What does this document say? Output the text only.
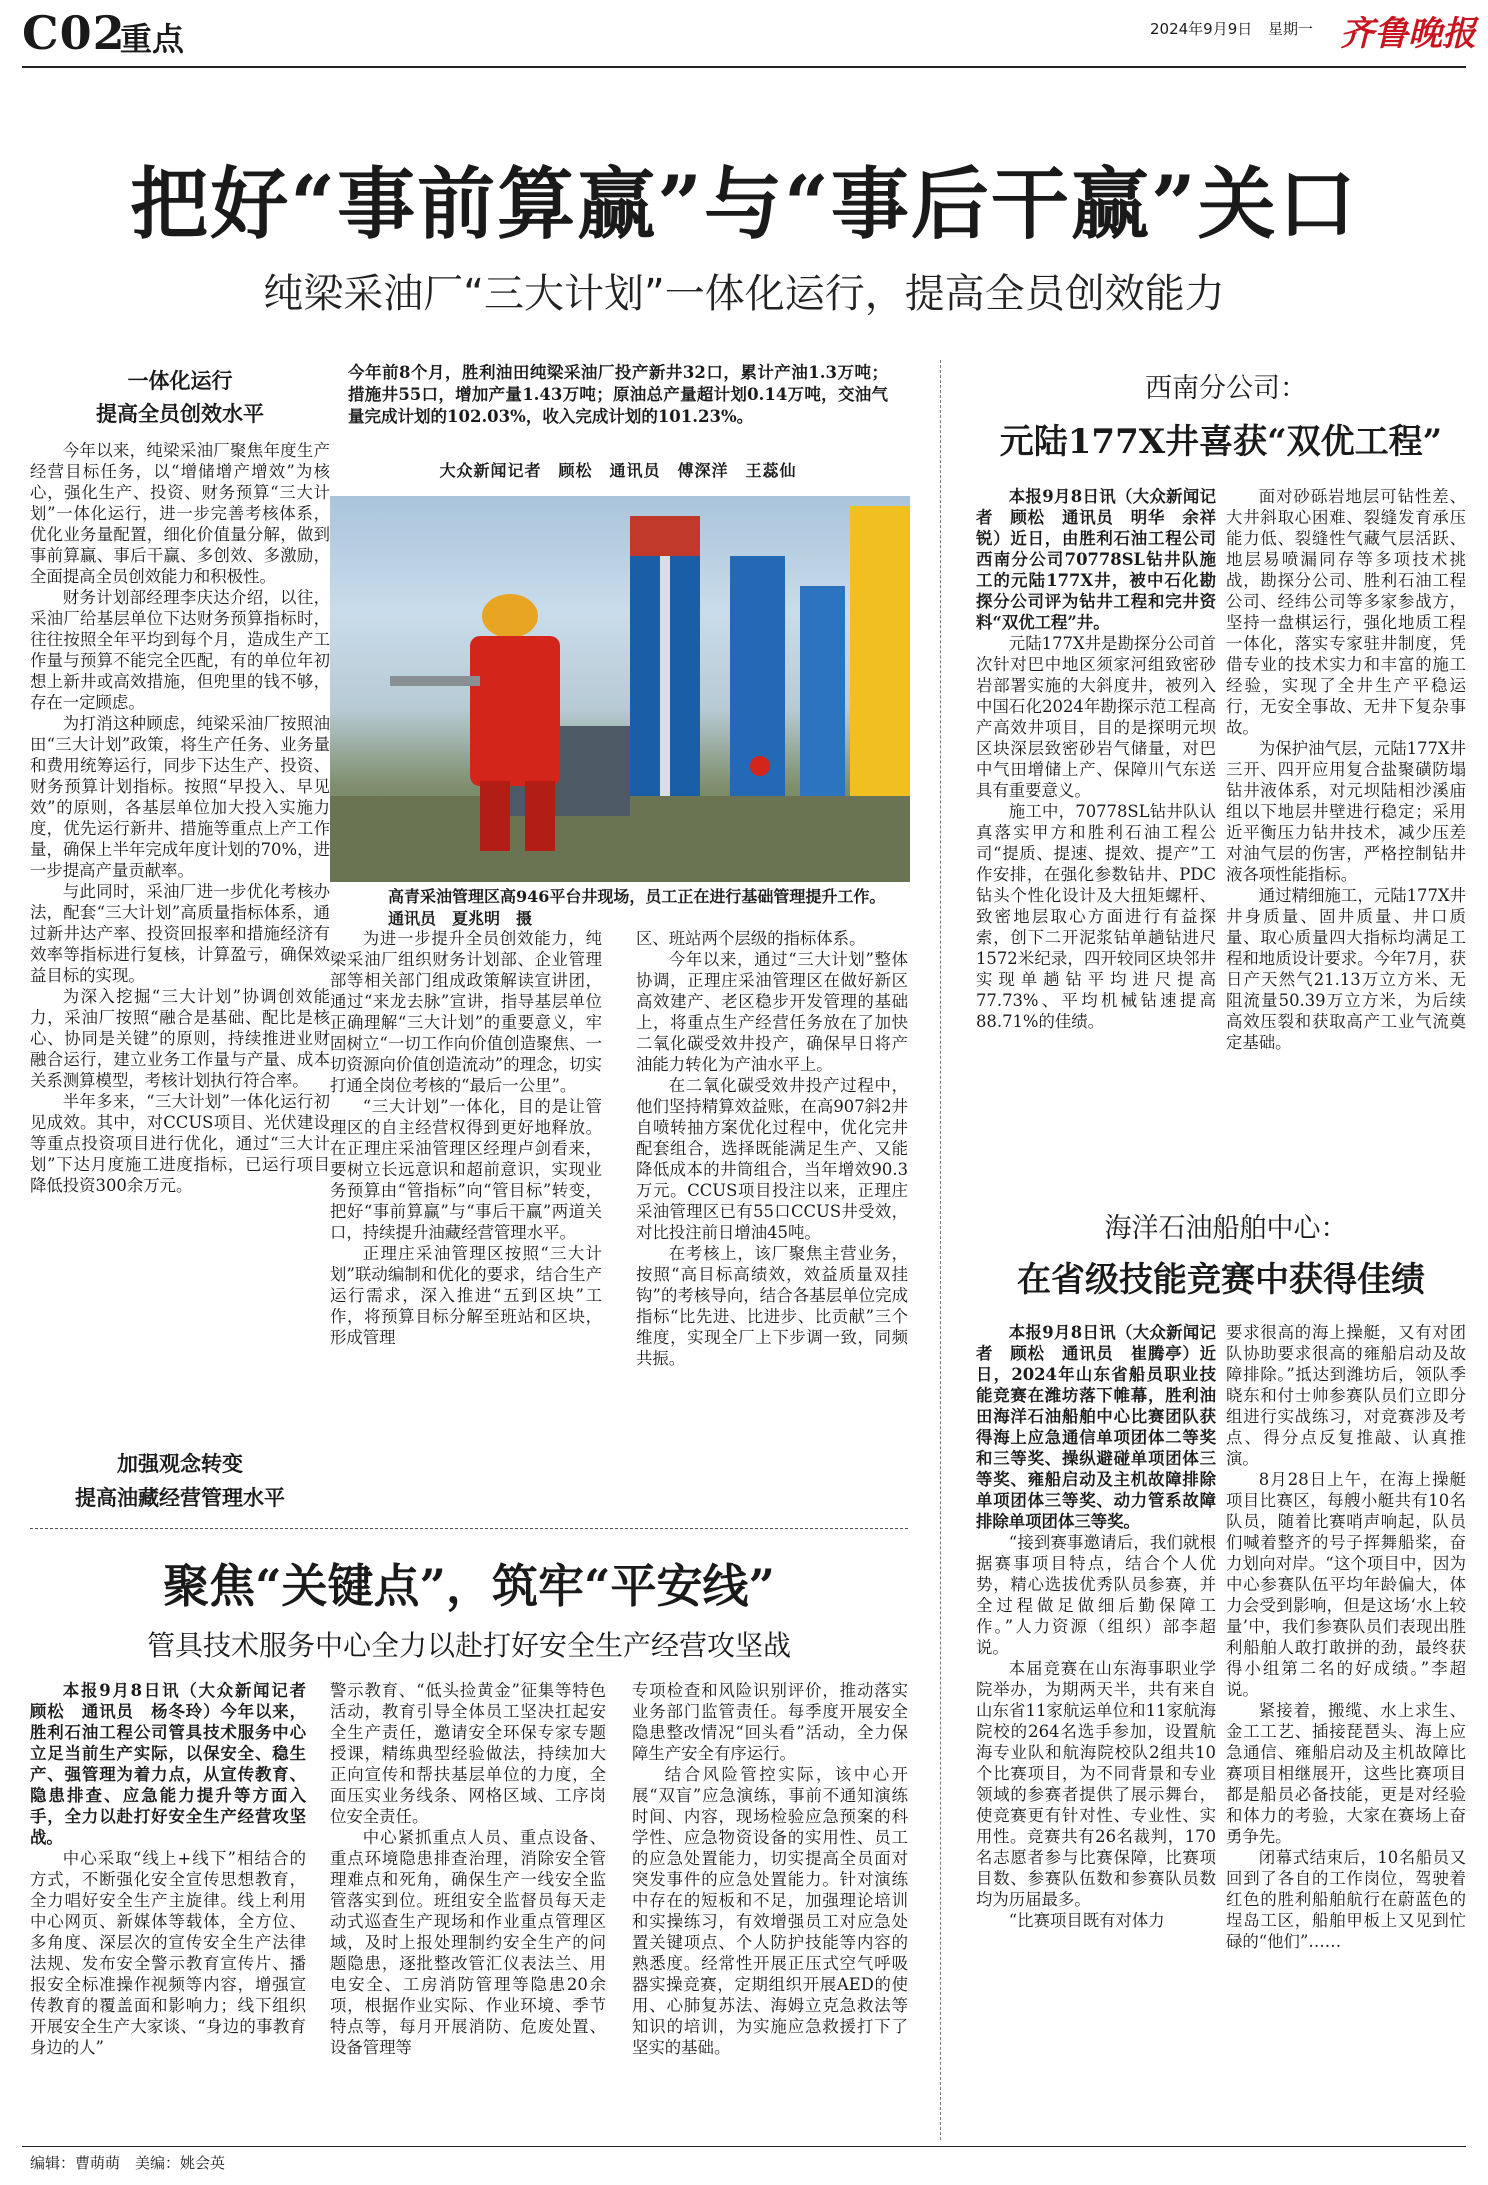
C02
重点	2024年9月9日 星期一 齐鲁晚报
把好“事前算赢”与“事后干赢”关口
纯梁采油厂“三大计划”一体化运行，提高全员创效能力
今年前8个月，胜利油田纯梁采油厂投产新井32口，累计产油1.3万吨；措施井55口，增加产量1.43万吨；原油总产量超计划0.14万吨，交油气量完成计划的102.03%，收入完成计划的101.23%。
大众新闻记者　顾松　通讯员　傅深洋　王蕊仙
高青采油管理区高946平台井现场，员工正在进行基础管理提升工作。　通讯员　夏兆明　摄
一体化运行
提高全员创效水平

今年以来，纯梁采油厂聚焦年度生产经营目标任务，以“增储增产增效”为核心，强化生产、投资、财务预算“三大计划”一体化运行，进一步完善考核体系，优化业务量配置，细化价值量分解，做到事前算赢、事后干赢、多创效、多激励，全面提高全员创效能力和积极性。

财务计划部经理李庆达介绍，以往，采油厂给基层单位下达财务预算指标时，往往按照全年平均到每个月，造成生产工作量与预算不能完全匹配，有的单位年初想上新井或高效措施，但兜里的钱不够，存在一定顾虑。

为打消这种顾虑，纯梁采油厂按照油田“三大计划”政策，将生产任务、业务量和费用统筹运行，同步下达生产、投资、财务预算计划指标。按照“早投入、早见效”的原则，各基层单位加大投入实施力度，优先运行新井、措施等重点上产工作量，确保上半年完成年度计划的70%，进一步提高产量贡献率。

与此同时，采油厂进一步优化考核办法，配套“三大计划”高质量指标体系，通过新井达产率、投资回报率和措施经济有效率等指标进行复核，计算盈亏，确保效益目标的实现。

为深入挖掘“三大计划”协调创效能力，采油厂按照“融合是基础、配比是核心、协同是关键”的原则，持续推进业财融合运行，建立业务工作量与产量、成本关系测算模型，考核计划执行符合率。

半年多来，“三大计划”一体化运行初见成效。其中，对CCUS项目、光伏建设等重点投资项目进行优化，通过“三大计划”下达月度施工进度指标，已运行项目降低投资300余万元。

加强观念转变
提高油藏经营管理水平

为进一步提升全员创效能力，纯梁采油厂组织财务计划部、企业管理部等相关部门组成政策解读宣讲团，通过“来龙去脉”宣讲，指导基层单位正确理解“三大计划”的重要意义，牢固树立“一切工作向价值创造聚焦、一切资源向价值创造流动”的理念，切实打通全岗位考核的“最后一公里”。

“三大计划”一体化，目的是让管理区的自主经营权得到更好地释放。在正理庄采油管理区经理卢剑看来，要树立长远意识和超前意识，实现业务预算由“管指标”向“管目标”转变，把好“事前算赢”与“事后干赢”两道关口，持续提升油藏经营管理水平。

正理庄采油管理区按照“三大计划”联动编制和优化的要求，结合生产运行需求，深入推进“五到区块”工作，将预算目标分解至班站和区块，形成管理

区、班站两个层级的指标体系。

今年以来，通过“三大计划”整体协调，正理庄采油管理区在做好新区高效建产、老区稳步开发管理的基础上，将重点生产经营任务放在了加快二氧化碳受效井投产，确保早日将产油能力转化为产油水平上。

在二氧化碳受效井投产过程中，他们坚持精算效益账，在高907斜2井自喷转抽方案优化过程中，优化完井配套组合，选择既能满足生产、又能降低成本的井筒组合，当年增效90.3万元。CCUS项目投注以来，正理庄采油管理区已有55口CCUS井受效，对比投注前日增油45吨。

在考核上，该厂聚焦主营业务，按照“高目标高绩效，效益质量双挂钩”的考核导向，结合各基层单位完成指标“比先进、比进步、比贡献”三个维度，实现全厂上下步调一致，同频共振。

西南分公司：
元陆177X井喜获“双优工程”

本报9月8日讯（大众新闻记者　顾松　通讯员　明华　余祥锐）近日，由胜利石油工程公司西南分公司70778SL钻井队施工的元陆177X井，被中石化勘探分公司评为钻井工程和完井资料“双优工程”井。

元陆177X井是勘探分公司首次针对巴中地区须家河组致密砂岩部署实施的大斜度井，被列入中国石化2024年勘探示范工程高产高效井项目，目的是探明元坝区块深层致密砂岩气储量，对巴中气田增储上产、保障川气东送具有重要意义。

施工中，70778SL钻井队认真落实甲方和胜利石油工程公司“提质、提速、提效、提产”工作安排，在强化参数钻井、PDC钻头个性化设计及大扭矩螺杆、致密地层取心方面进行有益探索，创下二开泥浆钻单趟钻进尺1572米纪录，四开较同区块邻井实现单趟钻平均进尺提高77.73%、平均机械钻速提高88.71%的佳绩。

面对砂砾岩地层可钻性差、大井斜取心困难、裂缝发育承压能力低、裂缝性气藏气层活跃、地层易喷漏同存等多项技术挑战，勘探分公司、胜利石油工程公司、经纬公司等多家参战方，坚持一盘棋运行，强化地质工程一体化，落实专家驻井制度，凭借专业的技术实力和丰富的施工经验，实现了全井生产平稳运行，无安全事故、无井下复杂事故。

为保护油气层，元陆177X井三开、四开应用复合盐聚磺防塌钻井液体系，对元坝陆相沙溪庙组以下地层井壁进行稳定；采用近平衡压力钻井技术，减少压差对油气层的伤害，严格控制钻井液各项性能指标。

通过精细施工，元陆177X井井身质量、固井质量、井口质量、取心质量四大指标均满足工程和地质设计要求。今年7月，获日产天然气21.13万立方米、无阻流量50.39万立方米，为后续高效压裂和获取高产工业气流奠定基础。

海洋石油船舶中心：
在省级技能竞赛中获得佳绩

本报9月8日讯（大众新闻记者　顾松　通讯员　崔腾亭）近日，2024年山东省船员职业技能竞赛在潍坊落下帷幕，胜利油田海洋石油船舶中心比赛团队获得海上应急通信单项团体二等奖和三等奖、操纵避碰单项团体三等奖、雍船启动及主机故障排除单项团体三等奖、动力管系故障排除单项团体三等奖。

“接到赛事邀请后，我们就根据赛事项目特点，结合个人优势，精心选拔优秀队员参赛，并全过程做足做细后勤保障工作。”人力资源（组织）部李超说。

本届竞赛在山东海事职业学院举办，为期两天半，共有来自山东省11家航运单位和11家航海院校的264名选手参加，设置航海专业队和航海院校队2组共10个比赛项目，为不同背景和专业领域的参赛者提供了展示舞台，使竞赛更有针对性、专业性、实用性。竞赛共有26名裁判，170名志愿者参与比赛保障，比赛项目数、参赛队伍数和参赛队员数均为历届最多。

“比赛项目既有对体力

要求很高的海上操艇，又有对团队协助要求很高的雍船启动及故障排除。”抵达到潍坊后，领队季晓东和付士帅参赛队员们立即分组进行实战练习，对竞赛涉及考点、得分点反复推敲、认真推演。

8月28日上午，在海上操艇项目比赛区，每艘小艇共有10名队员，随着比赛哨声响起，队员们喊着整齐的号子挥舞船桨，奋力划向对岸。“这个项目中，因为中心参赛队伍平均年龄偏大，体力会受到影响，但是这场‘水上较量’中，我们参赛队员们表现出胜利船舶人敢打敢拼的劲，最终获得小组第二名的好成绩。”李超说。

紧接着，搬缆、水上求生、金工工艺、插接琵琶头、海上应急通信、雍船启动及主机故障比赛项目相继展开，这些比赛项目都是船员必备技能，更是对经验和体力的考验，大家在赛场上奋勇争先。

闭幕式结束后，10名船员又回到了各自的工作岗位，驾驶着红色的胜利船舶航行在蔚蓝色的埕岛工区，船舶甲板上又见到忙碌的“他们”……

聚焦“关键点”，筑牢“平安线”
管具技术服务中心全力以赴打好安全生产经营攻坚战

本报9月8日讯（大众新闻记者　顾松　通讯员　杨冬玲）今年以来，胜利石油工程公司管具技术服务中心立足当前生产实际，以保安全、稳生产、强管理为着力点，从宣传教育、隐患排查、应急能力提升等方面入手，全力以赴打好安全生产经营攻坚战。

中心采取“线上+线下”相结合的方式，不断强化安全宣传思想教育，全力唱好安全生产主旋律。线上利用中心网页、新媒体等载体，全方位、多角度、深层次的宣传安全生产法律法规、发布安全警示教育宣传片、播报安全标准操作视频等内容，增强宣传教育的覆盖面和影响力；线下组织开展安全生产大家谈、“身边的事教育身边的人”

警示教育、“低头捡黄金”征集等特色活动，教育引导全体员工坚决扛起安全生产责任，邀请安全环保专家专题授课，精练典型经验做法，持续加大正向宣传和帮扶基层单位的力度，全面压实业务线条、网格区域、工序岗位安全责任。

中心紧抓重点人员、重点设备、重点环境隐患排查治理，消除安全管理难点和死角，确保生产一线安全监管落实到位。班组安全监督员每天走动式巡查生产现场和作业重点管理区域，及时上报处理制约安全生产的问题隐患，逐批整改管汇仪表法兰、用电安全、工房消防管理等隐患20余项，根据作业实际、作业环境、季节特点等，每月开展消防、危废处置、设备管理等

专项检查和风险识别评价，推动落实业务部门监管责任。每季度开展安全隐患整改情况“回头看”活动，全力保障生产安全有序运行。

结合风险管控实际，该中心开展“双盲”应急演练，事前不通知演练时间、内容，现场检验应急预案的科学性、应急物资设备的实用性、员工的应急处置能力，切实提高全员面对突发事件的应急处置能力。针对演练中存在的短板和不足，加强理论培训和实操练习，有效增强员工对应急处置关键项点、个人防护技能等内容的熟悉度。经常性开展正压式空气呼吸器实操竞赛，定期组织开展AED的使用、心肺复苏法、海姆立克急救法等知识的培训，为实施应急救援打下了坚实的基础。

编辑：曹萌萌　美编：姚会英
